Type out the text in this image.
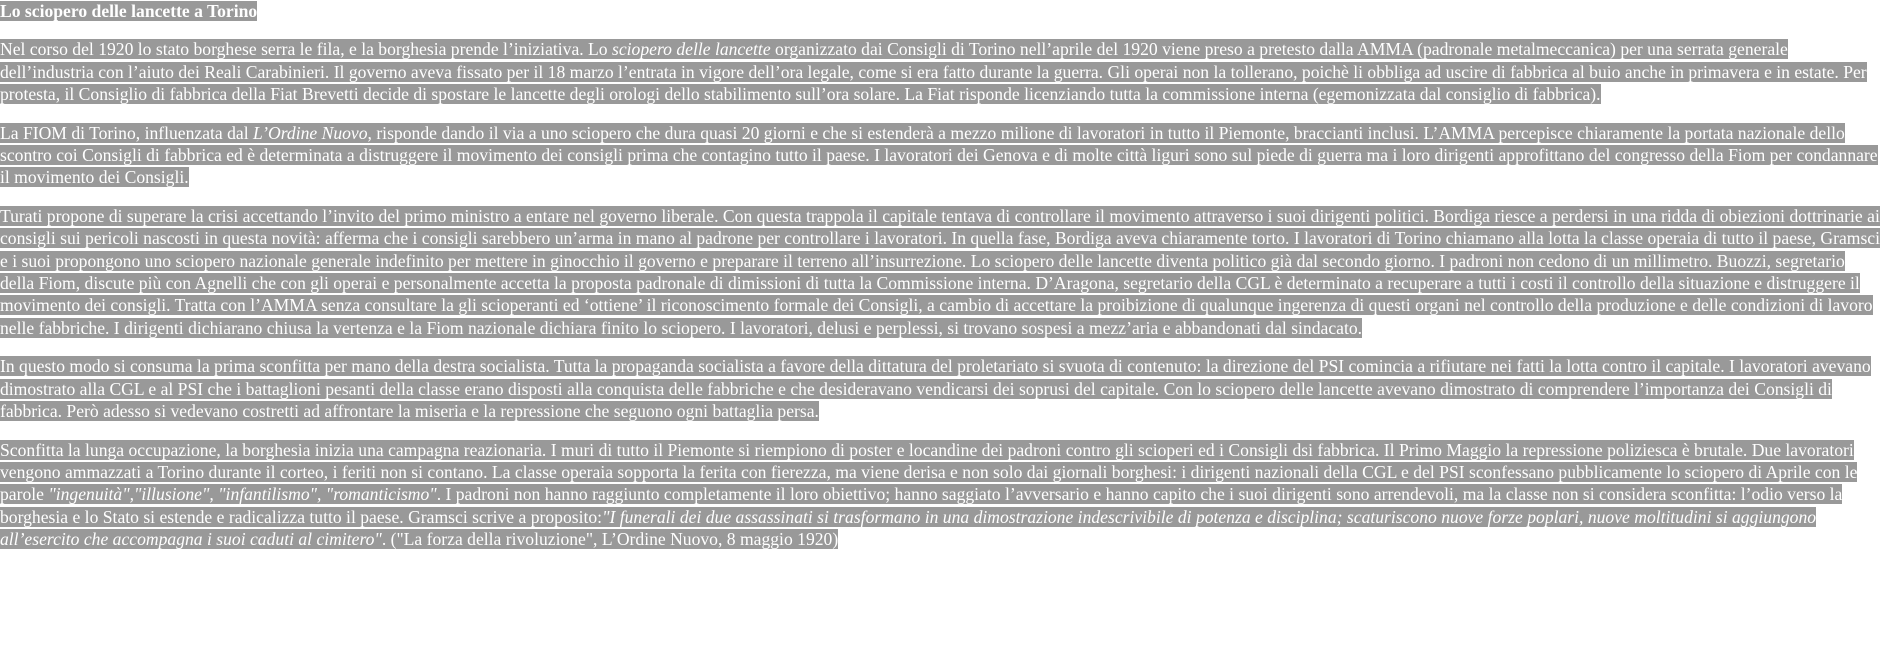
Lo sciopero delle lancette a Torino

Nel corso del 1920 lo stato borghese serra le fila, e la borghesia prende l’iniziativa. Lo sciopero delle lancette organizzato dai Consigli di Torino nell’aprile del 1920 viene preso a pretesto dalla AMMA (padronale metalmeccanica) per una serrata generale dell’industria con l’aiuto dei Reali Carabinieri. Il governo aveva fissato per il 18 marzo l’entrata in vigore dell’ora legale, come si era fatto durante la guerra. Gli operai non la tollerano, poichè li obbliga ad uscire di fabbrica al buio anche in primavera e in estate. Per protesta, il Consiglio di fabbrica della Fiat Brevetti decide di spostare le lancette degli orologi dello stabilimento sull’ora solare. La Fiat risponde licenziando tutta la commissione interna (egemonizzata dal consiglio di fabbrica).

La FIOM di Torino, influenzata dal L’Ordine Nuovo, risponde dando il via a uno sciopero che dura quasi 20 giorni e che si estenderà a mezzo milione di lavoratori in tutto il Piemonte, braccianti inclusi. L’AMMA percepisce chiaramente la portata nazionale dello scontro coi Consigli di fabbrica ed è determinata a distruggere il movimento dei consigli prima che contagino tutto il paese. I lavoratori dei Genova e di molte città liguri sono sul piede di guerra ma i loro dirigenti approfittano del congresso della Fiom per condannare il movimento dei Consigli.

Turati propone di superare la crisi accettando l’invito del primo ministro a entare nel governo liberale. Con questa trappola il capitale tentava di controllare il movimento attraverso i suoi dirigenti politici. Bordiga riesce a perdersi in una ridda di obiezioni dottrinarie ai consigli sui pericoli nascosti in questa novità: afferma che i consigli sarebbero un’arma in mano al padrone per controllare i lavoratori. In quella fase, Bordiga aveva chiaramente torto. I lavoratori di Torino chiamano alla lotta la classe operaia di tutto il paese, Gramsci e i suoi propongono uno sciopero nazionale generale indefinito per mettere in ginocchio il governo e preparare il terreno all’insurrezione. Lo sciopero delle lancette diventa politico già dal secondo giorno. I padroni non cedono di un millimetro. Buozzi, segretario della Fiom, discute più con Agnelli che con gli operai e personalmente accetta la proposta padronale di dimissioni di tutta la Commissione interna. D’Aragona, segretario della CGL è determinato a recuperare a tutti i costi il controllo della situazione e distruggere il movimento dei consigli. Tratta con l’AMMA senza consultare la gli scioperanti ed ‘ottiene’ il riconoscimento formale dei Consigli, a cambio di accettare la proibizione di qualunque ingerenza di questi organi nel controllo della produzione e delle condizioni di lavoro nelle fabbriche. I dirigenti dichiarano chiusa la vertenza e la Fiom nazionale dichiara finito lo sciopero. I lavoratori, delusi e perplessi, si trovano sospesi a mezz’aria e abbandonati dal sindacato.

In questo modo si consuma la prima sconfitta per mano della destra socialista. Tutta la propaganda socialista a favore della dittatura del proletariato si svuota di contenuto: la direzione del PSI comincia a rifiutare nei fatti la lotta contro il capitale. I lavoratori avevano dimostrato alla CGL e al PSI che i battaglioni pesanti della classe erano disposti alla conquista delle fabbriche e che desideravano vendicarsi dei soprusi del capitale. Con lo sciopero delle lancette avevano dimostrato di comprendere l’importanza dei Consigli di fabbrica. Però adesso si vedevano costretti ad affrontare la miseria e la repressione che seguono ogni battaglia persa.

Sconfitta la lunga occupazione, la borghesia inizia una campagna reazionaria. I muri di tutto il Piemonte si riempiono di poster e locandine dei padroni contro gli scioperi ed i Consigli dsi fabbrica. Il Primo Maggio la repressione poliziesca è brutale. Due lavoratori vengono ammazzati a Torino durante il corteo, i feriti non si contano. La classe operaia sopporta la ferita con fierezza, ma viene derisa e non solo dai giornali borghesi: i dirigenti nazionali della CGL e del PSI sconfessano pubblicamente lo sciopero di Aprile con le parole "ingenuità","illusione", "infantilismo", "romanticismo". I padroni non hanno raggiunto completamente il loro obiettivo; hanno saggiato l’avversario e hanno capito che i suoi dirigenti sono arrendevoli, ma la classe non si considera sconfitta: l’odio verso la borghesia e lo Stato si estende e radicalizza tutto il paese. Gramsci scrive a proposito:"I funerali dei due assassinati si trasformano in una dimostrazione indescrivibile di potenza e disciplina; scaturiscono nuove forze poplari, nuove moltitudini si aggiungono all’esercito che accompagna i suoi caduti al cimitero". ("La forza della rivoluzione", L’Ordine Nuovo, 8 maggio 1920)
